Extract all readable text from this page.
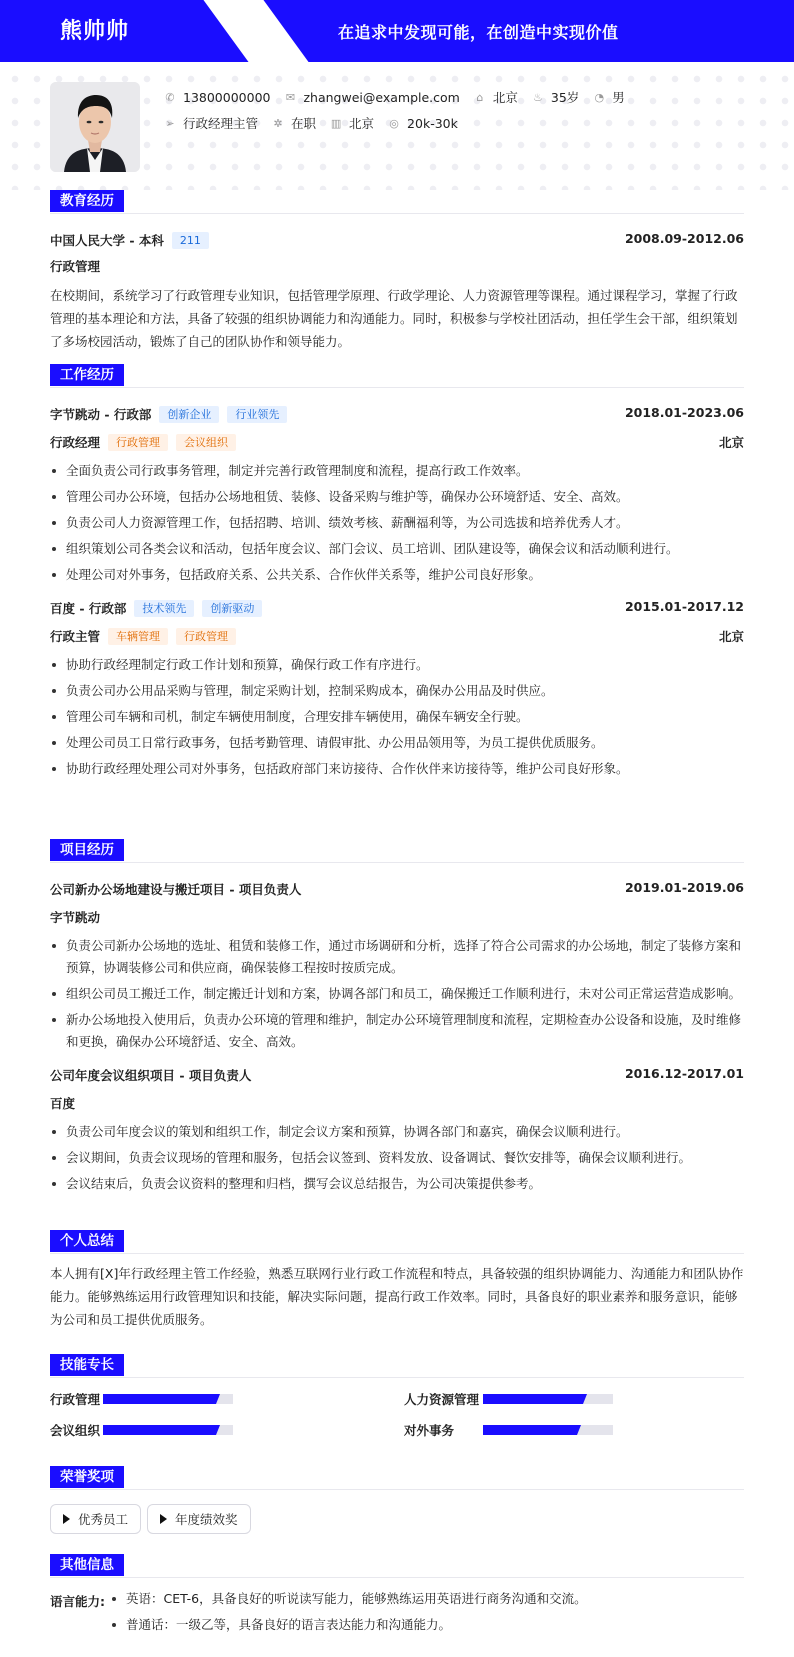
熊帅帅	在追求中发现可能，在创造中实现价值
✆ 13800000000 ✉ zhangwei@example.com ⌂ 北京 ♨ 35岁 ◔ 男
➢ 行政经理主管 ✲ 在职 ▥ 北京 ◎ 20k-30k
教育经历
中国人民大学 - 本科	211	2008.09-2012.06
行政管理
在校期间，系统学习了行政管理专业知识，包括管理学原理、行政学理论、人力资源管理等课程。通过课程学习，掌握了行政管理的基本理论和方法，具备了较强的组织协调能力和沟通能力。同时，积极参与学校社团活动，担任学生会干部，组织策划了多场校园活动，锻炼了自己的团队协作和领导能力。
工作经历
字节跳动 - 行政部	创新企业	行业领先	2018.01-2023.06
行政经理	行政管理	会议组织	北京
全面负责公司行政事务管理，制定并完善行政管理制度和流程，提高行政工作效率。
管理公司办公环境，包括办公场地租赁、装修、设备采购与维护等，确保办公环境舒适、安全、高效。
负责公司人力资源管理工作，包括招聘、培训、绩效考核、薪酬福利等，为公司选拔和培养优秀人才。
组织策划公司各类会议和活动，包括年度会议、部门会议、员工培训、团队建设等，确保会议和活动顺利进行。
处理公司对外事务，包括政府关系、公共关系、合作伙伴关系等，维护公司良好形象。
百度 - 行政部	技术领先	创新驱动	2015.01-2017.12
行政主管	车辆管理	行政管理	北京
协助行政经理制定行政工作计划和预算，确保行政工作有序进行。
负责公司办公用品采购与管理，制定采购计划，控制采购成本，确保办公用品及时供应。
管理公司车辆和司机，制定车辆使用制度，合理安排车辆使用，确保车辆安全行驶。
处理公司员工日常行政事务，包括考勤管理、请假审批、办公用品领用等，为员工提供优质服务。
协助行政经理处理公司对外事务，包括政府部门来访接待、合作伙伴来访接待等，维护公司良好形象。
项目经历
公司新办公场地建设与搬迁项目 - 项目负责人	2019.01-2019.06
字节跳动
负责公司新办公场地的选址、租赁和装修工作，通过市场调研和分析，选择了符合公司需求的办公场地，制定了装修方案和预算，协调装修公司和供应商，确保装修工程按时按质完成。
组织公司员工搬迁工作，制定搬迁计划和方案，协调各部门和员工，确保搬迁工作顺利进行，未对公司正常运营造成影响。
新办公场地投入使用后，负责办公环境的管理和维护，制定办公环境管理制度和流程，定期检查办公设备和设施，及时维修和更换，确保办公环境舒适、安全、高效。
公司年度会议组织项目 - 项目负责人	2016.12-2017.01
百度
负责公司年度会议的策划和组织工作，制定会议方案和预算，协调各部门和嘉宾，确保会议顺利进行。
会议期间，负责会议现场的管理和服务，包括会议签到、资料发放、设备调试、餐饮安排等，确保会议顺利进行。
会议结束后，负责会议资料的整理和归档，撰写会议总结报告，为公司决策提供参考。
个人总结
本人拥有[X]年行政经理主管工作经验，熟悉互联网行业行政工作流程和特点，具备较强的组织协调能力、沟通能力和团队协作能力。能够熟练运用行政管理知识和技能，解决实际问题，提高行政工作效率。同时，具备良好的职业素养和服务意识，能够为公司和员工提供优质服务。
技能专长
行政管理	人力资源管理
会议组织	对外事务
荣誉奖项
优秀员工	年度绩效奖
其他信息
语言能力:	英语：CET-6，具备良好的听说读写能力，能够熟练运用英语进行商务沟通和交流。
普通话：一级乙等，具备良好的语言表达能力和沟通能力。
